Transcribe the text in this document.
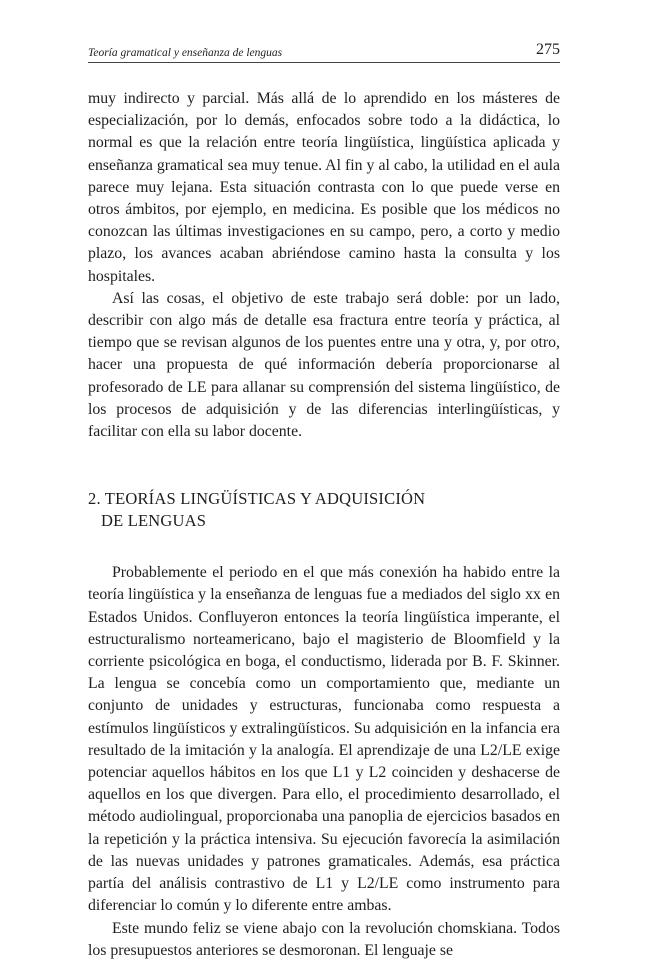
Teoría gramatical y enseñanza de lenguas	275

muy indirecto y parcial. Más allá de lo aprendido en los másteres de especialización, por lo demás, enfocados sobre todo a la didáctica, lo normal es que la relación entre teoría lingüística, lingüística aplicada y enseñanza gramatical sea muy tenue. Al fin y al cabo, la utilidad en el aula parece muy lejana. Esta situación contrasta con lo que puede verse en otros ámbitos, por ejemplo, en medicina. Es posible que los médicos no conozcan las últimas investigaciones en su campo, pero, a corto y medio plazo, los avances acaban abriéndose camino hasta la consulta y los hospitales.

Así las cosas, el objetivo de este trabajo será doble: por un lado, describir con algo más de detalle esa fractura entre teoría y práctica, al tiempo que se revisan algunos de los puentes entre una y otra, y, por otro, hacer una propuesta de qué información debería proporcionarse al profesorado de LE para allanar su comprensión del sistema lingüístico, de los procesos de adquisición y de las diferencias interlingüísticas, y facilitar con ella su labor docente.

2. TEORÍAS LINGÜÍSTICAS Y ADQUISICIÓN
DE LENGUAS

Probablemente el periodo en el que más conexión ha habido entre la teoría lingüística y la enseñanza de lenguas fue a mediados del siglo xx en Estados Unidos. Confluyeron entonces la teoría lingüística imperante, el estructuralismo norteamericano, bajo el magisterio de Bloomfield y la corriente psicológica en boga, el conductismo, liderada por B. F. Skinner. La lengua se concebía como un comportamiento que, mediante un conjunto de unidades y estructuras, funcionaba como respuesta a estímulos lingüísticos y extralingüísticos. Su adquisición en la infancia era resultado de la imitación y la analogía. El aprendizaje de una L2/LE exige potenciar aquellos hábitos en los que L1 y L2 coinciden y deshacerse de aquellos en los que divergen. Para ello, el procedimiento desarrollado, el método audiolingual, proporcionaba una panoplia de ejercicios basados en la repetición y la práctica intensiva. Su ejecución favorecía la asimilación de las nuevas unidades y patrones gramaticales. Además, esa práctica partía del análisis contrastivo de L1 y L2/LE como instrumento para diferenciar lo común y lo diferente entre ambas.

Este mundo feliz se viene abajo con la revolución chomskiana. Todos los presupuestos anteriores se desmoronan. El lenguaje se
